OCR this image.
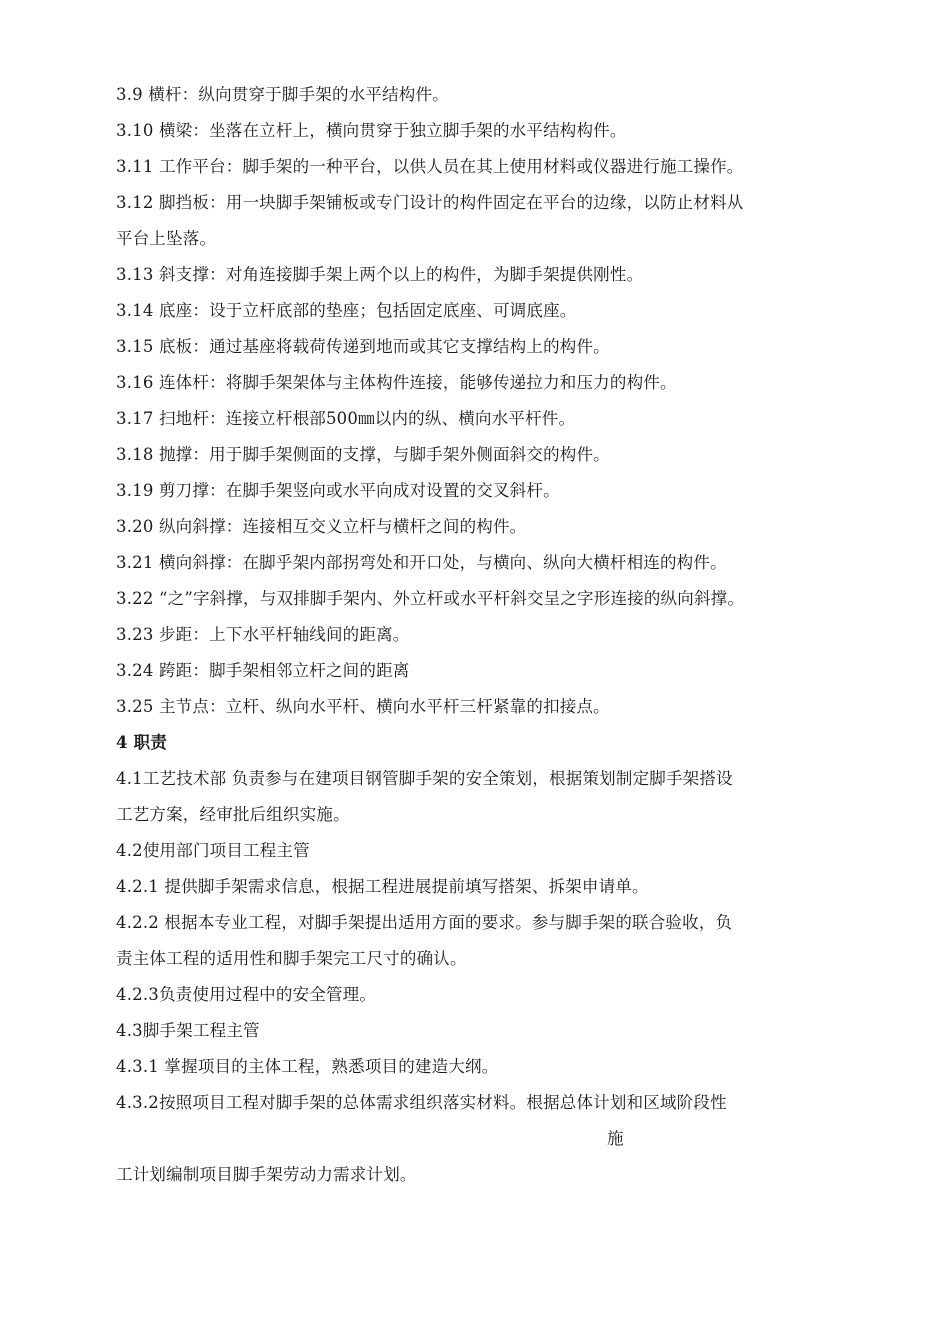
3.9 横杆：纵向贯穿于脚手架的水平结构件。
3.10 横梁：坐落在立杆上，横向贯穿于独立脚手架的水平结构构件。
3.11 工作平台：脚手架的一种平台，以供人员在其上使用材料或仪器进行施工操作。
3.12 脚挡板：用一块脚手架铺板或专门设计的构件固定在平台的边缘，以防止材料从
平台上坠落。
3.13 斜支撑：对角连接脚手架上两个以上的构件，为脚手架提供刚性。
3.14 底座：设于立杆底部的垫座；包括固定底座、可调底座。
3.15 底板：通过基座将载荷传递到地而或其它支撑结构上的构件。
3.16 连体杆：将脚手架架体与主体构件连接，能够传递拉力和压力的构件。
3.17 扫地杆：连接立杆根部500㎜以内的纵、横向水平杆件。
3.18 抛撑：用于脚手架侧面的支撑，与脚手架外侧面斜交的构件。
3.19 剪刀撑：在脚手架竖向或水平向成对设置的交叉斜杆。
3.20 纵向斜撑：连接相互交义立杆与横杆之间的构件。
3.21 横向斜撑：在脚乎架内部拐弯处和开口处，与横向、纵向大横杆相连的构件。
3.22 “之”字斜撑，与双排脚手架内、外立杆或水平杆斜交呈之字形连接的纵向斜撑。
3.23 步距：上下水平杆轴线间的距离。
3.24 跨距：脚手架相邻立杆之间的距离
3.25 主节点：立杆、纵向水平杆、横向水平杆三杆紧靠的扣接点。
4 职责
4.1工艺技术部 负责参与在建项目钢管脚手架的安全策划，根据策划制定脚手架搭设
工艺方案，经审批后组织实施。
4.2使用部门项目工程主管
4.2.1 提供脚手架需求信息，根据工程进展提前填写搭架、拆架申请单。
4.2.2 根据本专业工程，对脚手架提出适用方面的要求。参与脚手架的联合验收，负
责主体工程的适用性和脚手架完工尺寸的确认。
4.2.3负责使用过程中的安全管理。
4.3脚手架工程主管
4.3.1 掌握项目的主体工程，熟悉项目的建造大纲。
4.3.2按照项目工程对脚手架的总体需求组织落实材料。根据总体计划和区域阶段性
施
工计划编制项目脚手架劳动力需求计划。
